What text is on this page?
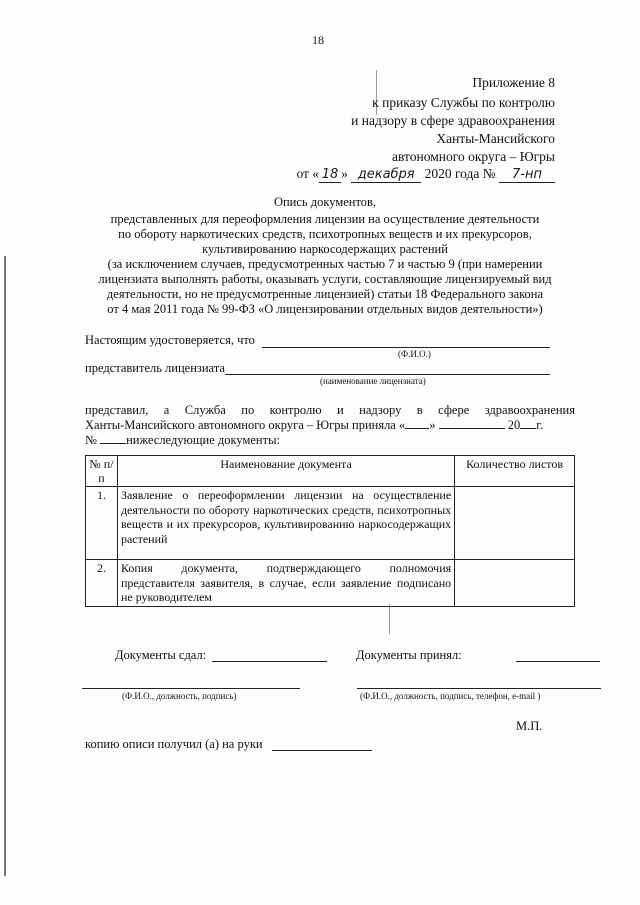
18
Приложение 8
к приказу Службы по контролю
и надзору в сфере здравоохранения
Ханты-Мансийского
автономного округа – Югры
от « 18 » декабря 2020 года № 7-нп
Опись документов,
представленных для переоформления лицензии на осуществление деятельности
по обороту наркотических средств, психотропных веществ и их прекурсоров,
культивированию наркосодержащих растений
(за исключением случаев, предусмотренных частью 7 и частью 9 (при намерении
лицензиата выполнять работы, оказывать услуги, составляющие лицензируемый вид
деятельности, но не предусмотренные лицензией) статьи 18 Федерального закона
от 4 мая 2011 года № 99-ФЗ «О лицензировании отдельных видов деятельности»)
Настоящим удостоверяется, что
(Ф.И.О.)
представитель лицензиата
(наименование лицензиата)
представил, а Служба по контролю и надзору в сфере здравоохранения
Ханты-Мансийского автономного округа – Югры приняла « »	20 г.
№ нижеследующие документы:
№ п/п	Наименование документа	Количество листов
1.	Заявление о переоформлении лицензии на осуществление деятельности по обороту наркотических средств, психотропных веществ и их прекурсоров, культивированию наркосодержащих растений	
2.	Копия документа, подтверждающего полномочия представителя заявителя, в случае, если заявление подписано не руководителем	
Документы сдал:	Документы принял:
(Ф.И.О., должность, подпись)	(Ф.И.О., должность, подпись, телефон, e-mail )
М.П.
копию описи получил (а) на руки
